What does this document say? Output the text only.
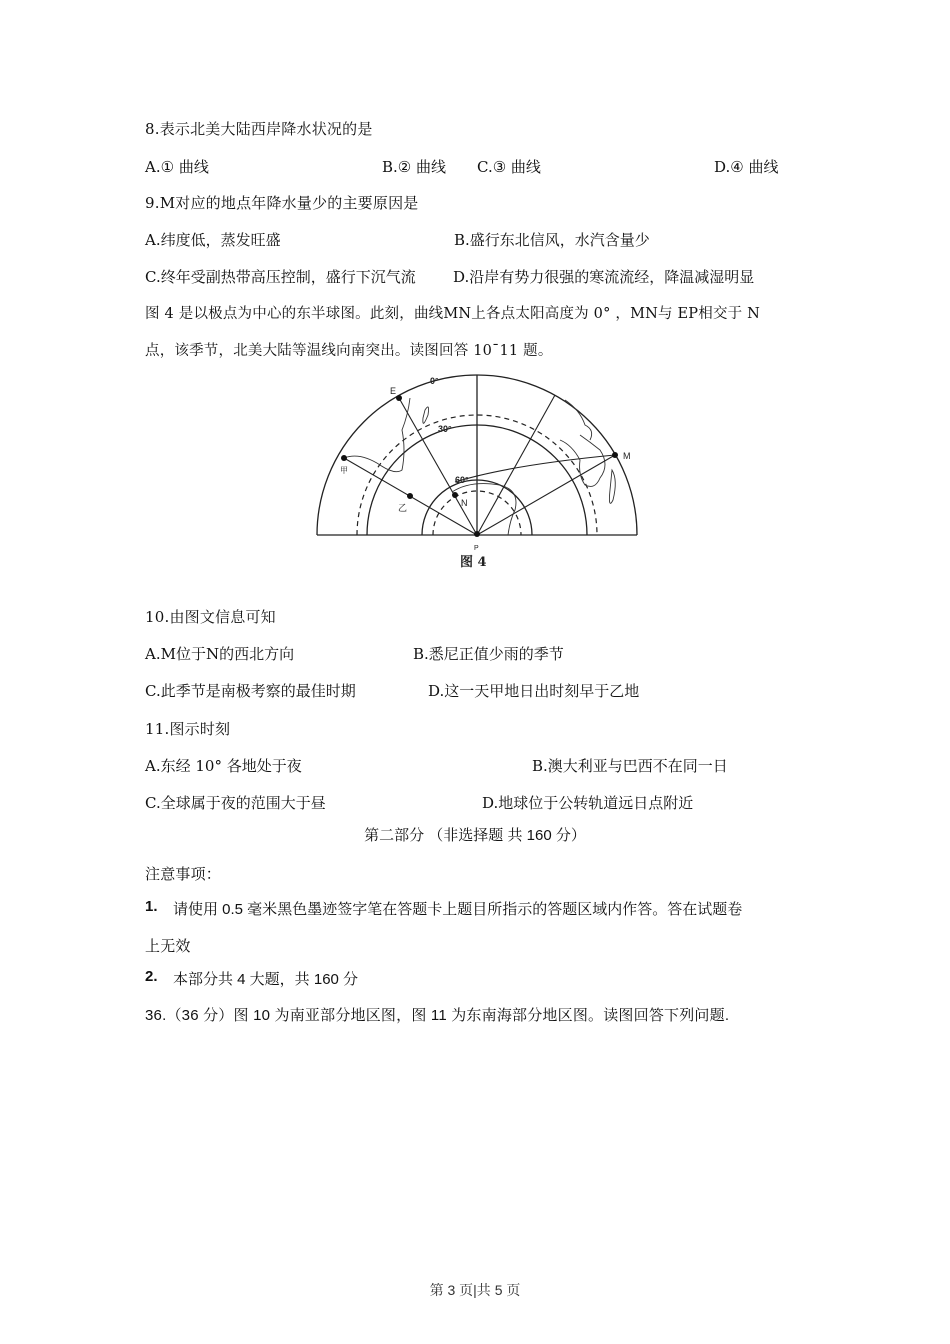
8.表示北美大陆西岸降水状况的是
A.① 曲线	B.② 曲线 C.③ 曲线	D.④ 曲线
9.M对应的地点年降水量少的主要原因是
A.纬度低，蒸发旺盛	B.盛行东北信风，水汽含量少
C.终年受副热带高压控制，盛行下沉气流 D.沿岸有势力很强的寒流流经，降温减湿明显
图 4 是以极点为中心的东半球图。此刻，曲线MN上各点太阳高度为 0° ，MN与 EP相交于 N
点，该季节，北美大陆等温线向南突出。读图回答 10¯11 题。
E
M
N
P
甲
乙
0°
30°
60°
图 4
10.由图文信息可知
A.M位于N的西北方向	B.悉尼正值少雨的季节
C.此季节是南极考察的最佳时期	D.这一天甲地日出时刻早于乙地
11.图示时刻
A.东经 10° 各地处于夜	B.澳大利亚与巴西不在同一日
C.全球属于夜的范围大于昼	D.地球位于公转轨道远日点附近
第二部分 （非选择题 共 160 分）
注意事项：
1. 请使用 0.5 毫米黑色墨迹签字笔在答题卡上题目所指示的答题区域内作答。答在试题卷
上无效
2. 本部分共 4 大题，共 160 分
36.（36 分）图 10 为南亚部分地区图，图 11 为东南海部分地区图。读图回答下列问题.
第 3 页|共 5 页
